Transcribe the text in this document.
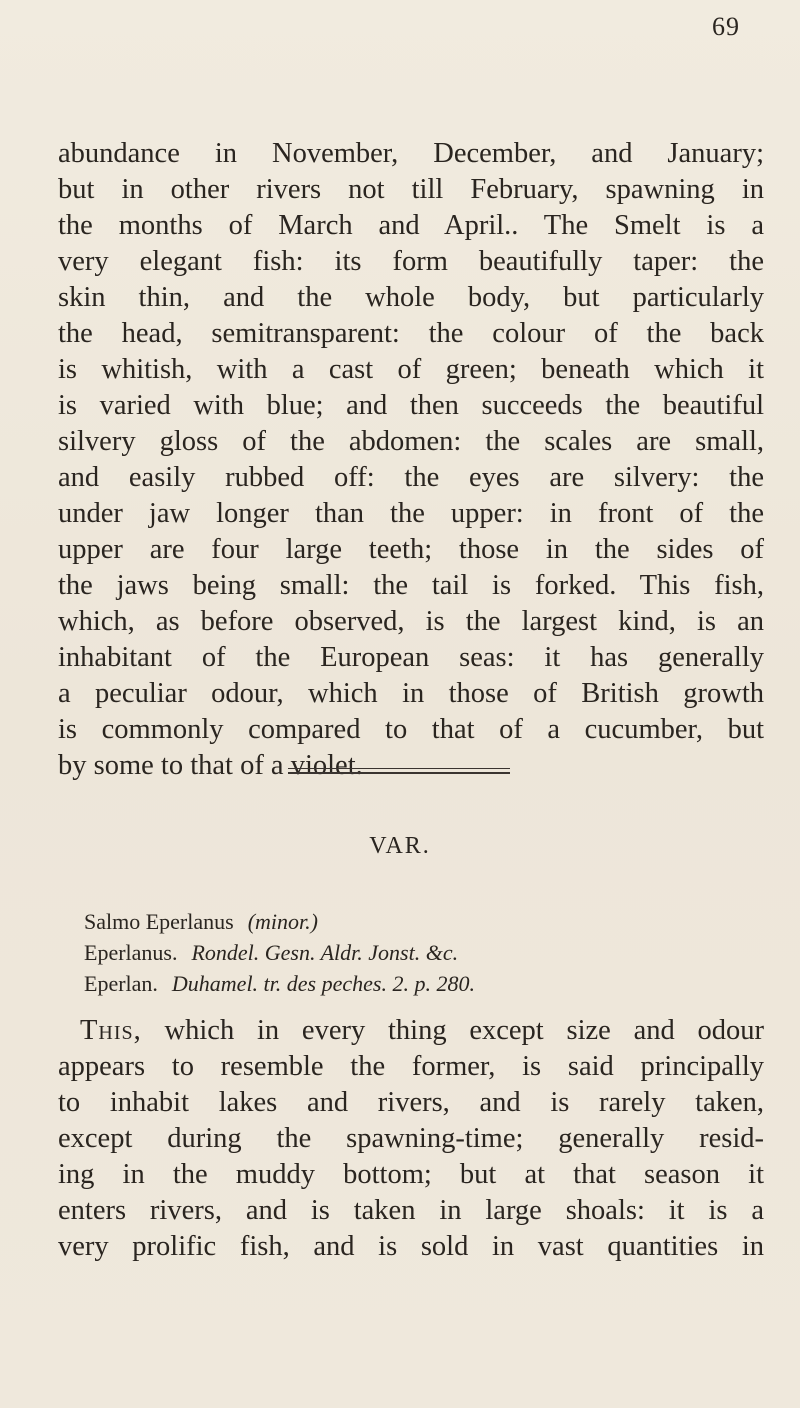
69
abundance in November, December, and January;
but in other rivers not till February, spawning in
the months of March and April.. The Smelt is a
very elegant fish: its form beautifully taper: the
skin thin, and the whole body, but particularly
the head, semitransparent: the colour of the back
is whitish, with a cast of green; beneath which it
is varied with blue; and then succeeds the beautiful
silvery gloss of the abdomen: the scales are small,
and easily rubbed off: the eyes are silvery: the
under jaw longer than the upper: in front of the
upper are four large teeth; those in the sides of
the jaws being small: the tail is forked. This fish,
which, as before observed, is the largest kind, is an
inhabitant of the European seas: it has generally
a peculiar odour, which in those of British growth
is commonly compared to that of a cucumber, but
by some to that of a violet.
VAR.
Salmo Eperlanus (minor.)
Eperlanus. Rondel. Gesn. Aldr. Jonst. &c.
Eperlan. Duhamel. tr. des peches. 2. p. 280.
This, which in every thing except size and odour
appears to resemble the former, is said principally
to inhabit lakes and rivers, and is rarely taken,
except during the spawning-time; generally resid-
ing in the muddy bottom; but at that season it
enters rivers, and is taken in large shoals: it is a
very prolific fish, and is sold in vast quantities in
